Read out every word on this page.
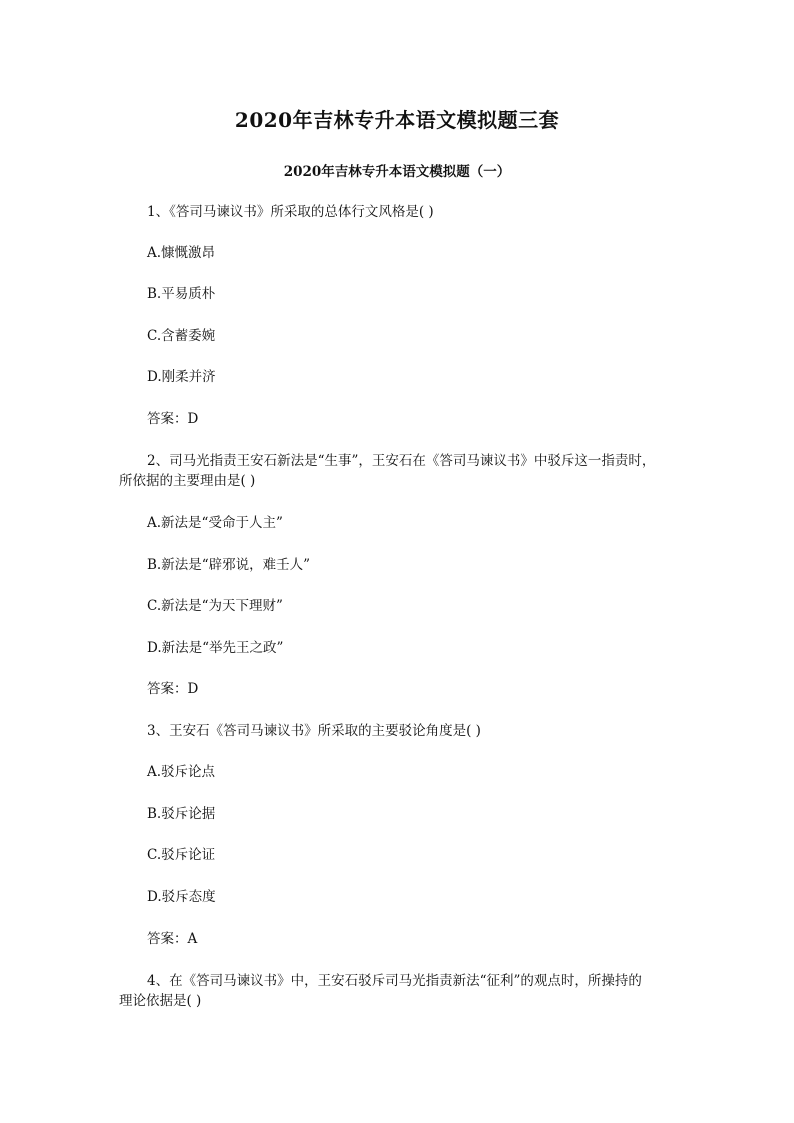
2020年吉林专升本语文模拟题三套
2020年吉林专升本语文模拟题（一）
1、《答司马谏议书》所采取的总体行文风格是( )
A.慷慨激昂
B.平易质朴
C.含蓄委婉
D.刚柔并济
答案：D
2、司马光指责王安石新法是“生事”，王安石在《答司马谏议书》中驳斥这一指责时，
所依据的主要理由是( )
A.新法是“受命于人主”
B.新法是“辟邪说，难壬人”
C.新法是“为天下理财”
D.新法是“举先王之政”
答案：D
3、王安石《答司马谏议书》所采取的主要驳论角度是( )
A.驳斥论点
B.驳斥论据
C.驳斥论证
D.驳斥态度
答案：A
4、在《答司马谏议书》中，王安石驳斥司马光指责新法“征利”的观点时，所操持的
理论依据是( )
